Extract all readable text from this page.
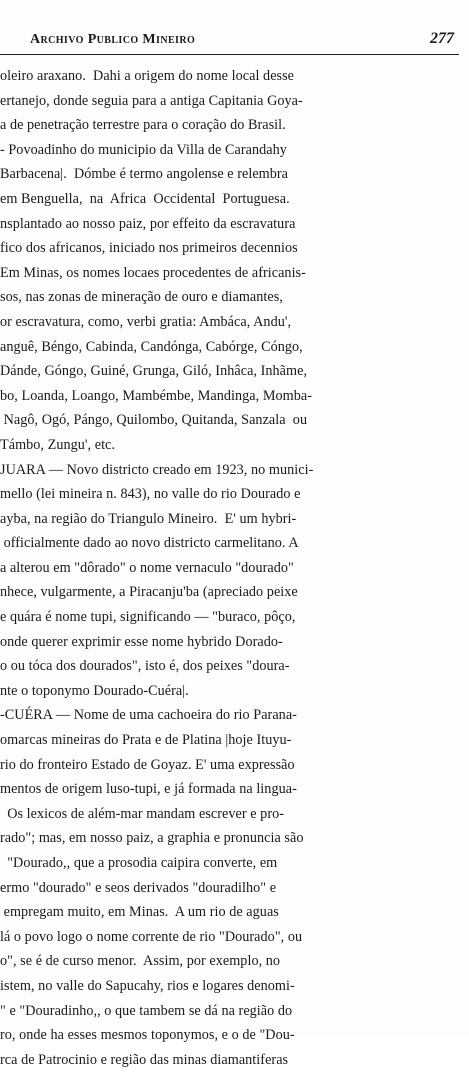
Archivo Publico Mineiro	277
oleiro araxano.  Dahi a origem do nome local desse
ertanejo, donde seguia para a antiga Capitania Goya-
a de penetração terrestre para o coração do Brasil.
- Povoadinho do municipio da Villa de Carandahy
Barbacena|.  Dómbe é termo angolense e relembra
em Benguella,  na  Africa  Occidental  Portuguesa.
nsplantado ao nosso paiz, por effeito da escravatura
fico dos africanos, iniciado nos primeiros decennios
Em Minas, os nomes locaes procedentes de africanis-
sos, nas zonas de mineração de ouro e diamantes,
or escravatura, como, verbi gratia: Ambáca, Andu',
anguê, Béngo, Cabinda, Candónga, Cabórge, Cóngo,
Dánde, Góngo, Guiné, Grunga, Giló, Inhâca, Inhãme,
bo, Loanda, Loango, Mambémbe, Mandinga, Momba-
Nagô, Ogó, Pángo, Quilombo, Quitanda, Sanzala  ou
Támbo, Zungu', etc.
JUARA — Novo districto creado em 1923, no munici-
mello (lei mineira n. 843), no valle do rio Dourado e
ayba, na região do Triangulo Mineiro.  E' um hybri-
officialmente dado ao novo districto carmelitano. A
a alterou em "dôrado" o nome vernaculo "dourado"
nhece, vulgarmente, a Piracanju'ba (apreciado peixe
e quára é nome tupi, significando — "buraco, pôço,
onde querer exprimir esse nome hybrido Dorado-
o ou tóca dos dourados", isto é, dos peixes "doura-
nte o toponymo Dourado-Cuéra|.
-CUÉRA — Nome de uma cachoeira do rio Parana-
omarcas mineiras do Prata e de Platina |hoje Ituyu-
rio do fronteiro Estado de Goyaz. E' uma expressão
mentos de origem luso-tupi, e já formada na lingua-
Os lexicos de além-mar mandam escrever e pro-
rado"; mas, em nosso paiz, a graphia e pronuncia são
"Dourado,, que a prosodia caipira converte, em
ermo "dourado" e seos derivados "douradilho" e
empregam muito, em Minas.  A um rio de aguas
lá o povo logo o nome corrente de rio "Dourado", ou
o", se é de curso menor.  Assim, por exemplo, no
istem, no valle do Sapucahy, rios e logares denomi-
" e "Douradinho,, o que tambem se dá na região do
ro, onde ha esses mesmos toponymos, e o de "Dou-
rca de Patrocinio e região das minas diamantiferas
